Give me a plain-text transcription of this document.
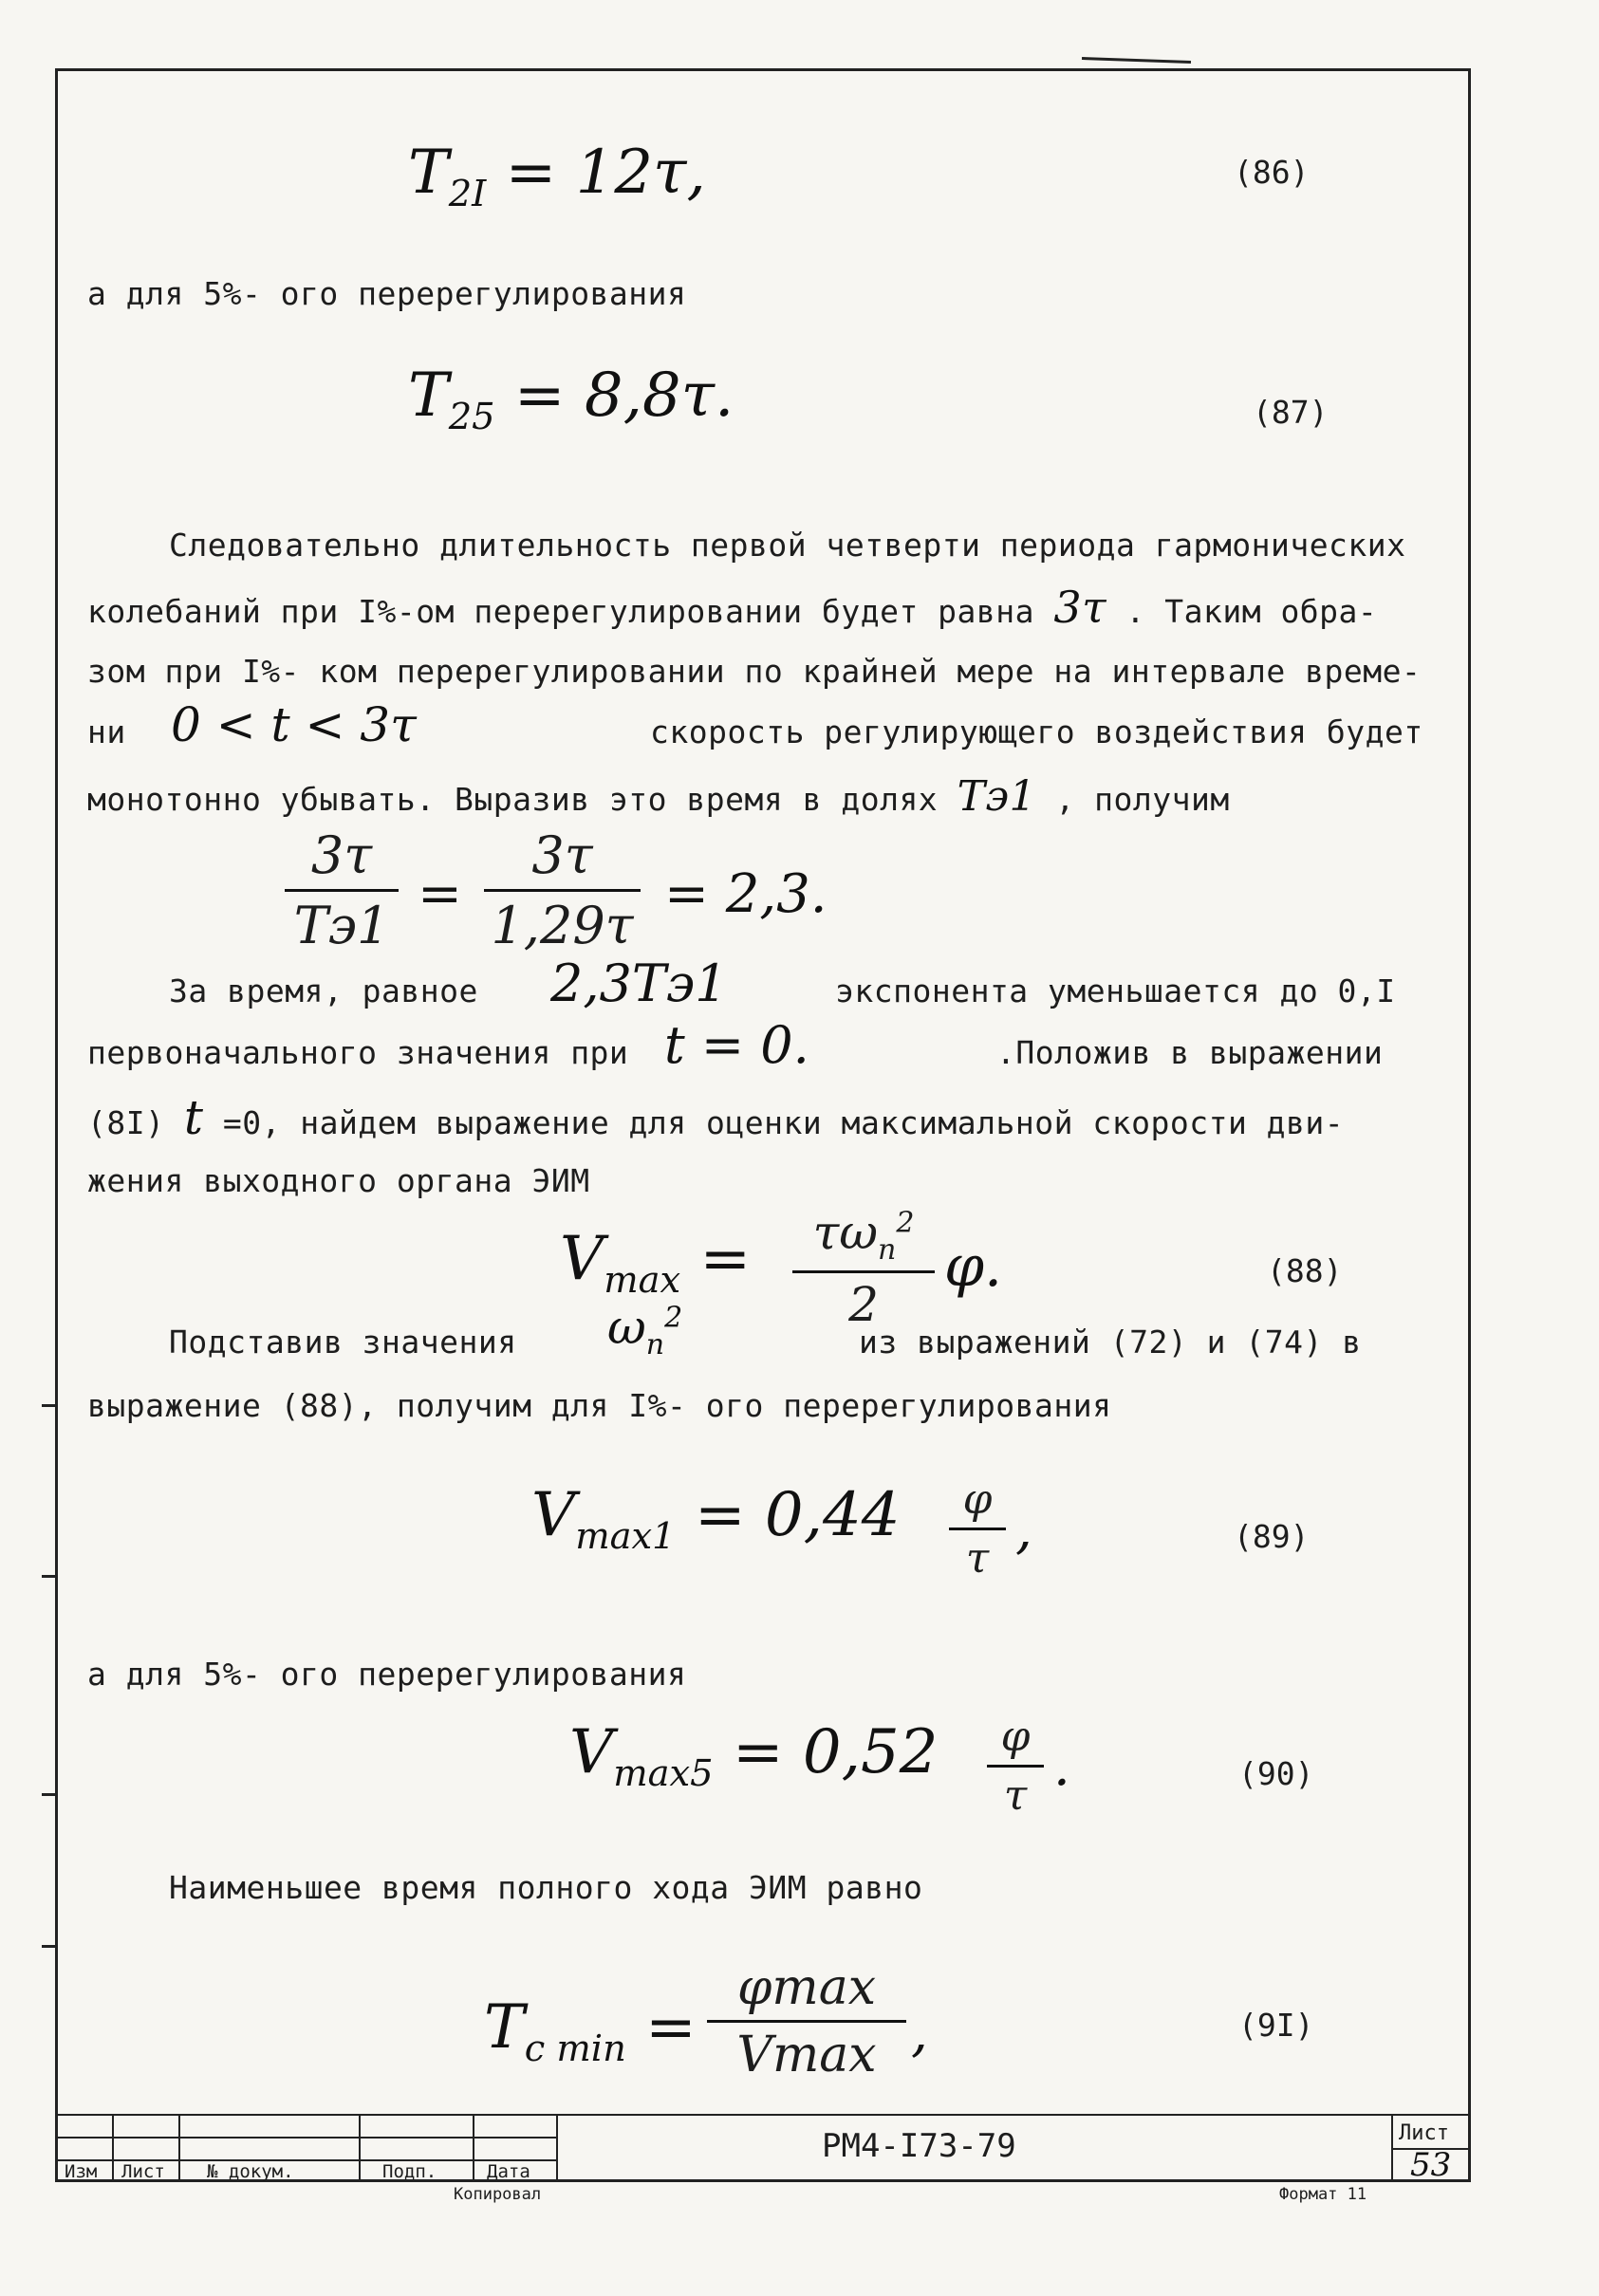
$T_{2I} = 12\tau$,	(86)
а для 5%- ого перерегулирования
$T_{25} = 8,8\tau$.	(87)
Следовательно длительность первой четверти периода гармонических
колебаний при I%-ом перерегулировании будет равна 3τ . Таким обра-
зом при I%- ком перерегулировании по крайней мере на интервале време-
ни 0 < t < 3τ	скорость регулирующего воздействия будет
монотонно убывать. Выразив это время в долях Tэ1 , получим
3τ
Tэ1
=
3τ
1,29τ
= 2,3.
За время, равное 2,3Tэ1	экспонента уменьшается до 0,I
первоначального значения при t = 0.	.Положив в выражении
(8I) t =0, найдем выражение для оценки максимальной скорости дви-
жения выходного органа ЭИМ
$V_{max}$ =	$\tau\omega_n^2$
2
φ.	(88)
Подставив значения $\omega_n^2$
из выражений (72) и (74) в
выражение (88), получим для I%- ого перерегулирования
$V_{max1} = 0,44$	φ
τ ,	(89)
а для 5%- ого перерегулирования
$V_{max5} = 0,52$	φ
τ .	(90)
Наименьшее время полного хода ЭИМ равно
$T_{c min}$ =
φmax
Vmax ,	(9I)
Изм Лист № докум.	Подп.	Дата
РМ4-I73-79	Лист
53
Копировал	Формат 11
